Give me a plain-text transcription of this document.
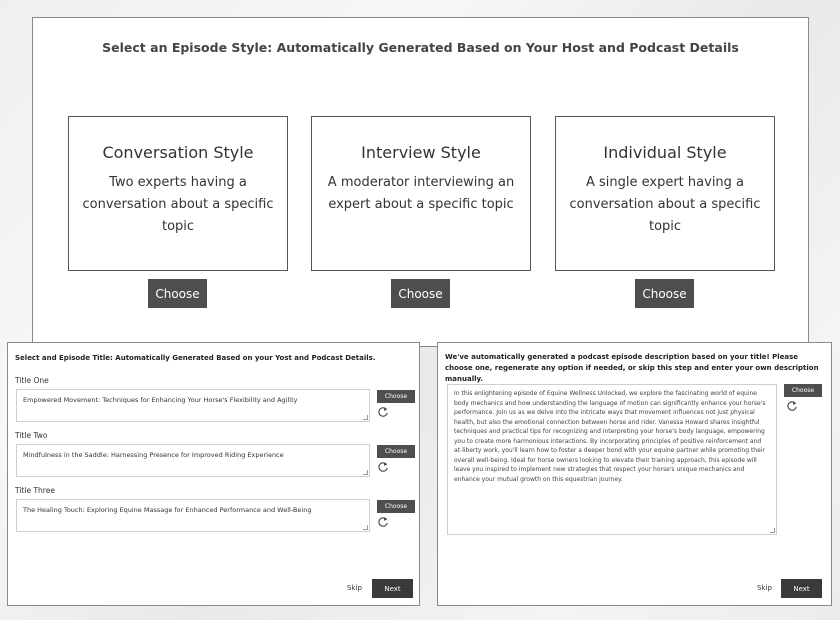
Select an Episode Style: Automatically Generated Based on Your Host and Podcast Details
Conversation Style
Two experts having a conversation about a specific topic
Interview Style
A moderator interviewing an expert about a specific topic
Individual Style
A single expert having a conversation about a specific topic
Choose	Choose	Choose
Select and Episode Title: Automatically Generated Based on your Yost and Podcast Details.
Title One
Empowered Movement: Techniques for Enhancing Your Horse's Flexibility and Agility	Choose
Title Two
Mindfulness in the Saddle: Harnessing Presence for Improved Riding Experience	Choose
Title Three
The Healing Touch: Exploring Equine Massage for Enhanced Performance and Well-Being	Choose
Skip	Next
We've automatically generated a podcast episode description based on your title! Please choose one, regenerate any option if needed, or skip this step and enter your own description manually.
In this enlightening episode of Equine Wellness Unlocked, we explore the fascinating world of equine body mechanics and how understanding the language of motion can significantly enhance your horse's performance. Join us as we delve into the intricate ways that movement influences not just physical health, but also the emotional connection between horse and rider. Vanessa Howard shares insightful techniques and practical tips for recognizing and interpreting your horse's body language, empowering you to create more harmonious interactions. By incorporating principles of positive reinforcement and at-liberty work, you'll learn how to foster a deeper bond with your equine partner while promoting their overall well-being. Ideal for horse owners looking to elevate their training approach, this episode will leave you inspired to implement new strategies that respect your horse's unique mechanics and enhance your mutual growth on this equestrian journey.
Choose
Skip	Next
